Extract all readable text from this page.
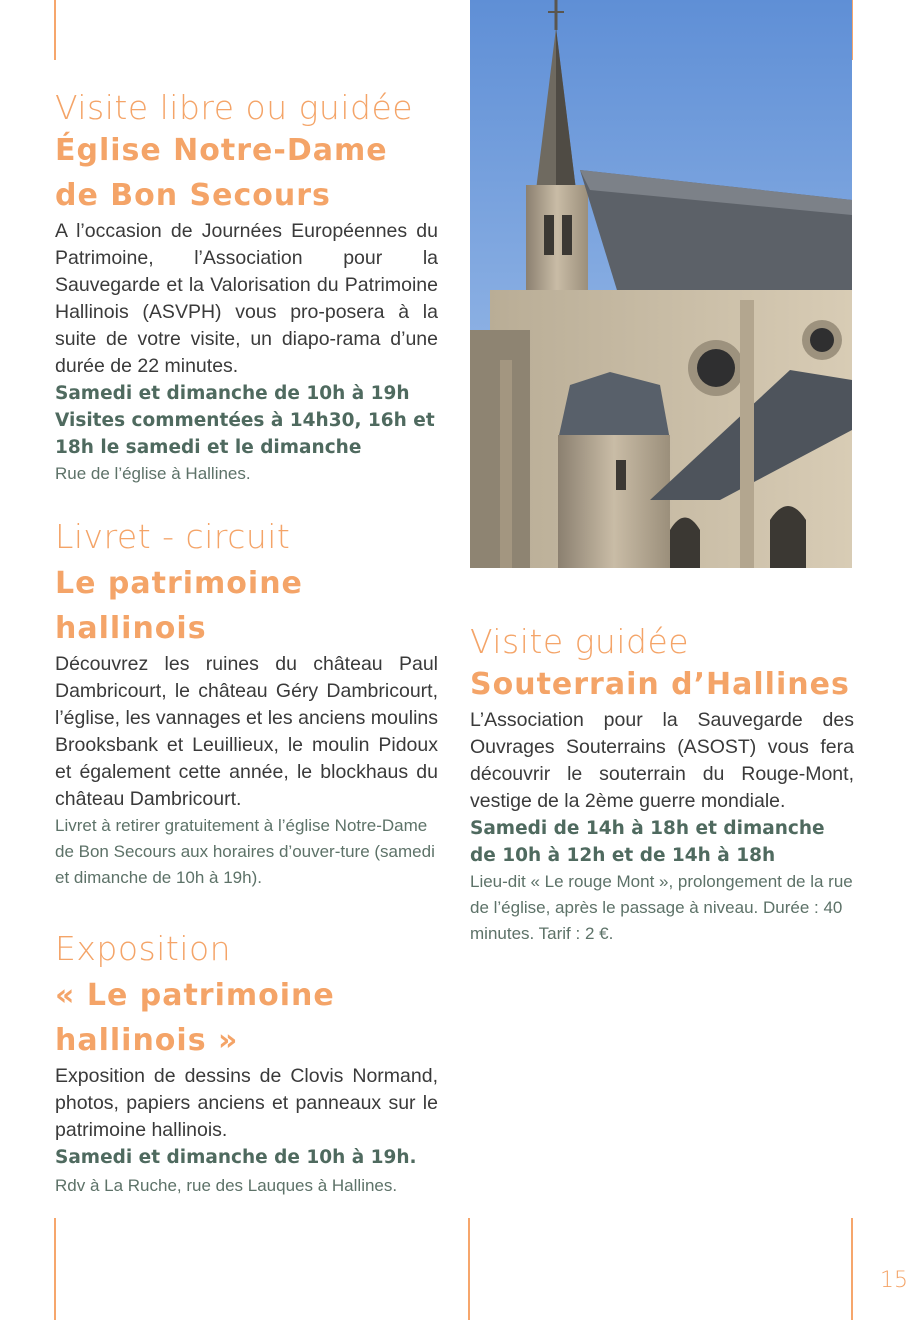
Visite libre ou guidée

Église Notre-Dame de Bon Secours

A l’occasion de Journées Européennes du Patrimoine, l’Association pour la Sauvegarde et la Valorisation du Patrimoine Hallinois (ASVPH) vous pro-posera à la suite de votre visite, un diapo-rama d’une durée de 22 minutes.

Samedi et dimanche de 10h à 19h

Visites commentées à 14h30, 16h et 18h le samedi et le dimanche

Rue de l’église à Hallines.

Livret - circuit

Le patrimoine hallinois

Découvrez les ruines du château Paul Dambricourt, le château Géry Dambricourt, l’église, les vannages et les anciens moulins Brooksbank et Leuillieux, le moulin Pidoux et également cette année, le blockhaus du château Dambricourt.

Livret à retirer gratuitement à l’église Notre-Dame de Bon Secours aux horaires d’ouver-ture (samedi et dimanche de 10h à 19h).

Exposition

« Le patrimoine hallinois »

Exposition de dessins de Clovis Normand, photos, papiers anciens et panneaux sur le patrimoine hallinois.

Samedi et dimanche de 10h à 19h.

Rdv à La Ruche, rue des Lauques à Hallines.

Visite guidée

Souterrain d’Hallines

L’Association pour la Sauvegarde des Ouvrages Souterrains (ASOST) vous fera découvrir le souterrain du Rouge-Mont, vestige de la 2ème guerre mondiale.

Samedi de 14h à 18h et dimanche de 10h à 12h et de 14h à 18h

Lieu-dit « Le rouge Mont », prolongement de la rue de l’église, après le passage à niveau. Durée : 40 minutes. Tarif : 2 €.

15
